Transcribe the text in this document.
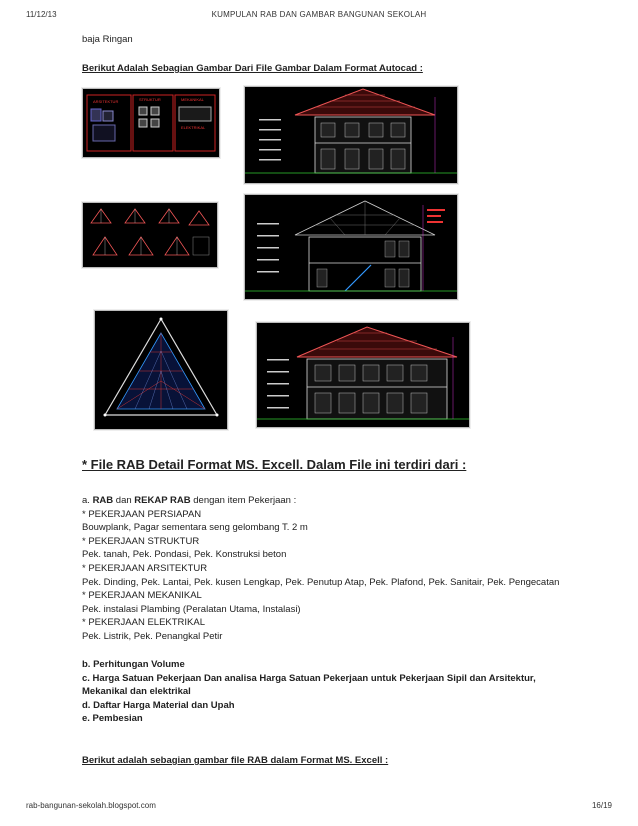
11/12/13	KUMPULAN RAB DAN GAMBAR BANGUNAN SEKOLAH
baja Ringan
Berikut Adalah Sebagian Gambar Dari File Gambar Dalam Format Autocad :
ARSITEKTUR	STRUKTUR	MEKANIKAL
ELEKTRIKAL
* File RAB Detail Format MS. Excell. Dalam File ini terdiri dari :
a. RAB dan REKAP RAB dengan item Pekerjaan :
* PEKERJAAN PERSIAPAN
Bouwplank, Pagar sementara seng gelombang T. 2 m
* PEKERJAAN STRUKTUR
Pek. tanah, Pek. Pondasi, Pek. Konstruksi beton
* PEKERJAAN ARSITEKTUR
Pek. Dinding, Pek. Lantai, Pek. kusen Lengkap, Pek. Penutup Atap, Pek. Plafond, Pek. Sanitair, Pek. Pengecatan
* PEKERJAAN MEKANIKAL
Pek. instalasi Plambing (Peralatan Utama, Instalasi)
* PEKERJAAN ELEKTRIKAL
Pek. Listrik, Pek. Penangkal Petir
b. Perhitungan Volume
c. Harga Satuan Pekerjaan Dan analisa Harga Satuan Pekerjaan untuk Pekerjaan Sipil dan Arsitektur,
Mekanikal dan elektrikal
d. Daftar Harga Material dan Upah
e. Pembesian
Berikut adalah sebagian gambar file RAB dalam Format MS. Excell :
rab-bangunan-sekolah.blogspot.com	16/19
